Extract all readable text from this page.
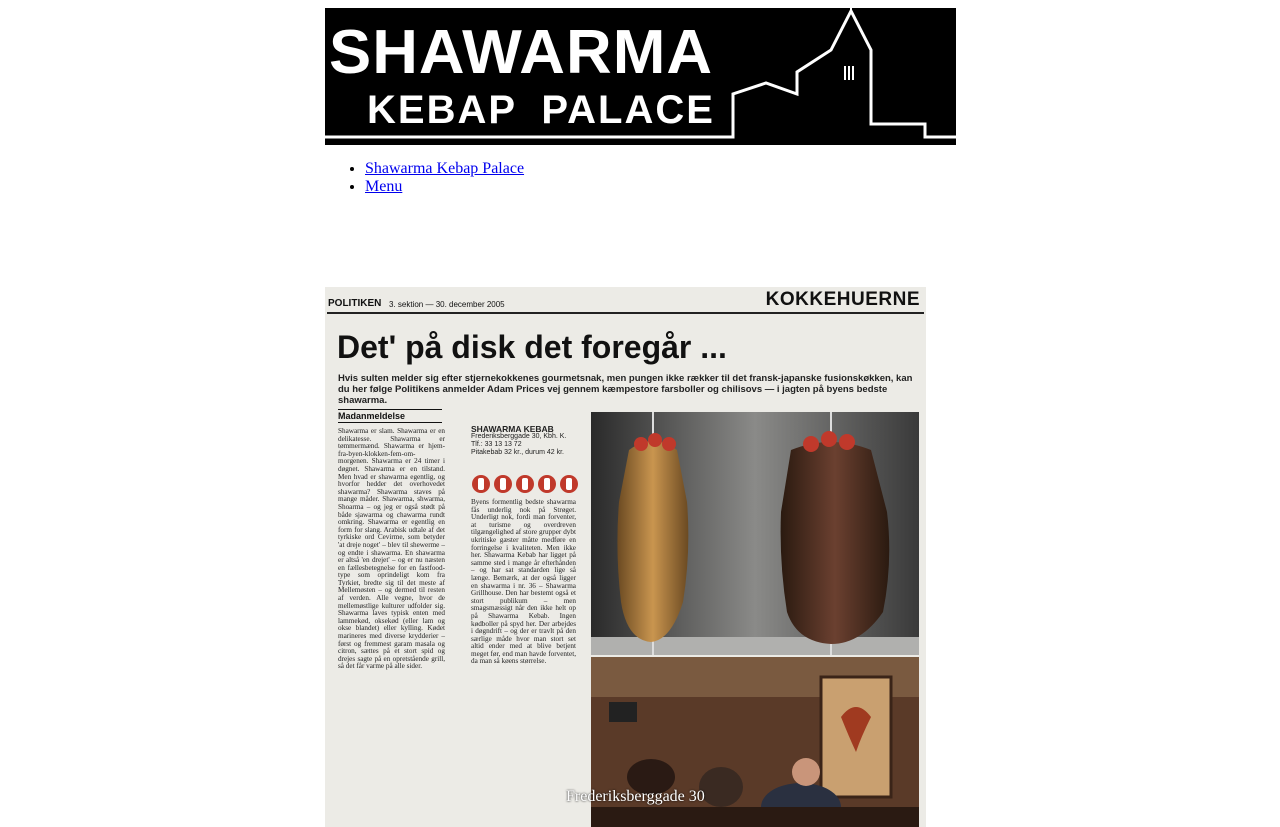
SHAWARMA
KEBAP PALACE
• Shawarma Kebap Palace
• Menu
POLITIKEN 3. sektion — 30. december 2005	KOKKEHUERNE
Det' på disk det foregår ...
Hvis sulten melder sig efter stjernekokkenes gourmetsnak, men pungen ikke rækker til det fransk-japanske fusionskøkken, kan du her følge Politikens anmelder Adam Prices vej gennem kæmpestore farsboller og chilisovs — i jagten på byens bedste shawarma.
Madanmeldelse
Shawarma er slam. Shawarma er en delikatesse. Shawarma er tømmermænd. Shawarma er hjem-fra-byen-klokken-fem-om-morgenen. Shawarma er 24 timer i døgnet. Shawarma er en tilstand. Men hvad er shawarma egentlig, og hvorfor hedder det overhovedet shawarma? Shawarma staves på mange måder. Shawarma, shwarma, Shoarma – og jeg er også stødt på både sjawarma og chawarma rundt omkring. Shawarma er egentlig en form for slang. Arabisk udtale af det tyrkiske ord Cevirme, som betyder 'at dreje noget' – blev til shewerme – og endte i shawarma. En shawarma er altså 'en drejet' – og er nu næsten en fællesbetegnelse for en fastfood-type som oprindeligt kom fra Tyrkiet, bredte sig til det meste af Mellemøsten – og dermed til resten af verden. Alle vegne, hvor de mellemøstlige kulturer udfolder sig. Shawarma laves typisk enten med lammekød, oksekød (eller lam og okse blandet) eller kylling. Kødet marineres med diverse krydderier – først og fremmest garam masala og citron, sættes på et stort spid og drejes sagte på en opretstående grill, så det får varme på alle sider.
SHAWARMA KEBAB
Frederiksberggade 30, Kbh. K.
Tlf.: 33 13 13 72
Pitakebab 32 kr., durum 42 kr.
Byens formentlig bedste shawarma fås underlig nok på Strøget. Underligt nok, fordi man forventer, at turisme og overdreven tilgængelighed af store grupper dybt ukritiske gæster måtte medføre en forringelse i kvaliteten. Men ikke her. Shawarma Kebab har ligget på samme sted i mange år efterhånden – og har sat standarden lige så længe. Bemærk, at der også ligger en shawarma i nr. 36 – Shawarma Grillhouse. Den har bestemt også et stort publikum – men smagsmæssigt når den ikke helt op på Shawarma Kebab. Ingen kødboller på spyd her. Der arbejdes i døgndrift – og der er travlt på den særlige måde hvor man stort set altid ender med at blive betjent meget før, end man havde forventet, da man så køens størrelse.
Frederiksberggade 30
